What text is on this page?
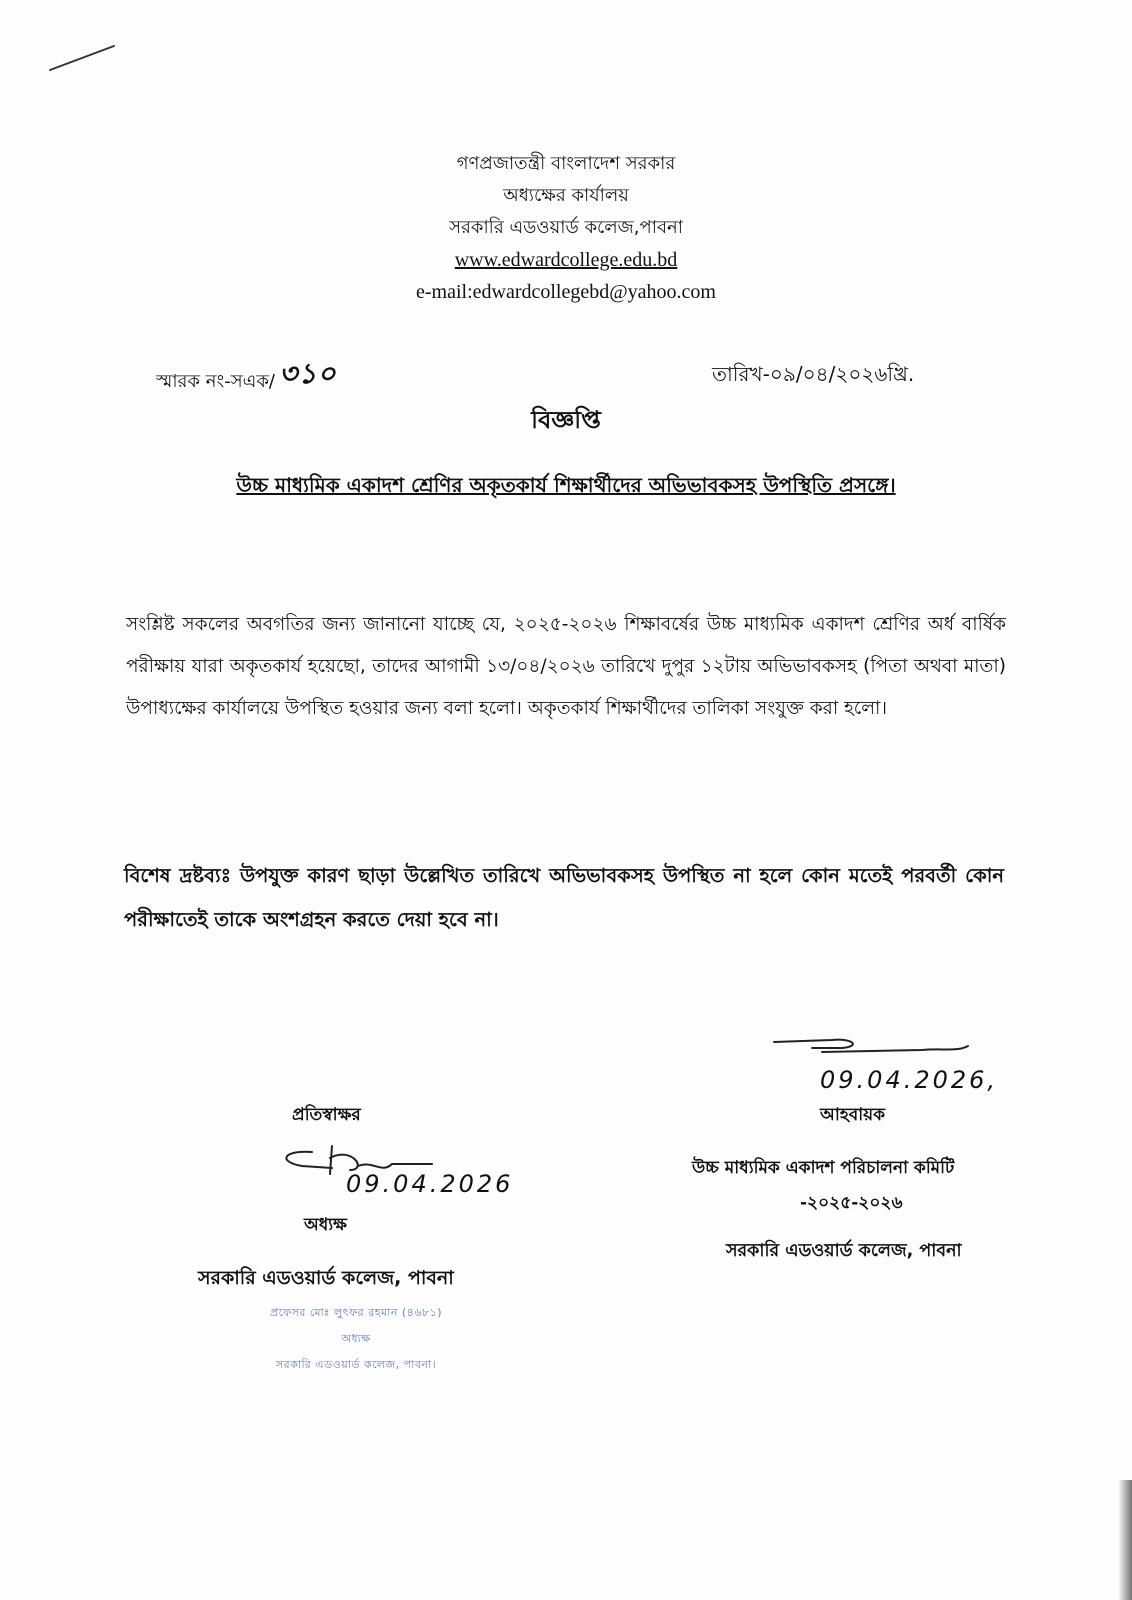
গণপ্রজাতন্ত্রী বাংলাদেশ সরকার
অধ্যক্ষের কার্যালয়
সরকারি এডওয়াৰ্ড কলেজ,পাবনা
www.edwardcollege.edu.bd
e-mail:edwardcollegebd@yahoo.com
স্মারক নং-সএক/ ৩১০	তারিখ-০৯/০৪/২০২৬খ্রি.
বিজ্ঞপ্তি
উচ্চ মাধ্যমিক একাদশ শ্রেণির অকৃতকার্য শিক্ষার্থীদের অভিভাবকসহ উপস্থিতি প্রসঙ্গে।
সংশ্লিষ্ট সকলের অবগতির জন্য জানানো যাচ্ছে যে, ২০২৫-২০২৬ শিক্ষাবর্ষের উচ্চ মাধ্যমিক একাদশ শ্রেণির অর্ধ বার্ষিক পরীক্ষায় যারা অকৃতকার্য হয়েছো, তাদের আগামী ১৩/০৪/২০২৬ তারিখে দুপুর ১২টায় অভিভাবকসহ (পিতা অথবা মাতা) উপাধ্যক্ষের কার্যালয়ে উপস্থিত হওয়ার জন্য বলা হলো। অকৃতকার্য শিক্ষার্থীদের তালিকা সংযুক্ত করা হলো।
বিশেষ দ্রষ্টব্যঃ উপযুক্ত কারণ ছাড়া উল্লেখিত তারিখে অভিভাবকসহ উপস্থিত না হলে কোন মতেই পরবর্তী কোন পরীক্ষাতেই তাকে অংশগ্রহন করতে দেয়া হবে না।
প্রতিস্বাক্ষর
09.04.2026
অধ্যক্ষ
সরকারি এডওয়ার্ড কলেজ, পাবনা
প্রফেসর মোঃ লুৎফর রহমান (৪৬৮১)
অধ্যক্ষ
সরকারি এডওয়ার্ড কলেজ, পাবনা।
09.04.2026,
আহবায়ক
উচ্চ মাধ্যমিক একাদশ পরিচালনা কমিটি
-২০২৫-২০২৬
সরকারি এডওয়ার্ড কলেজ, পাবনা
